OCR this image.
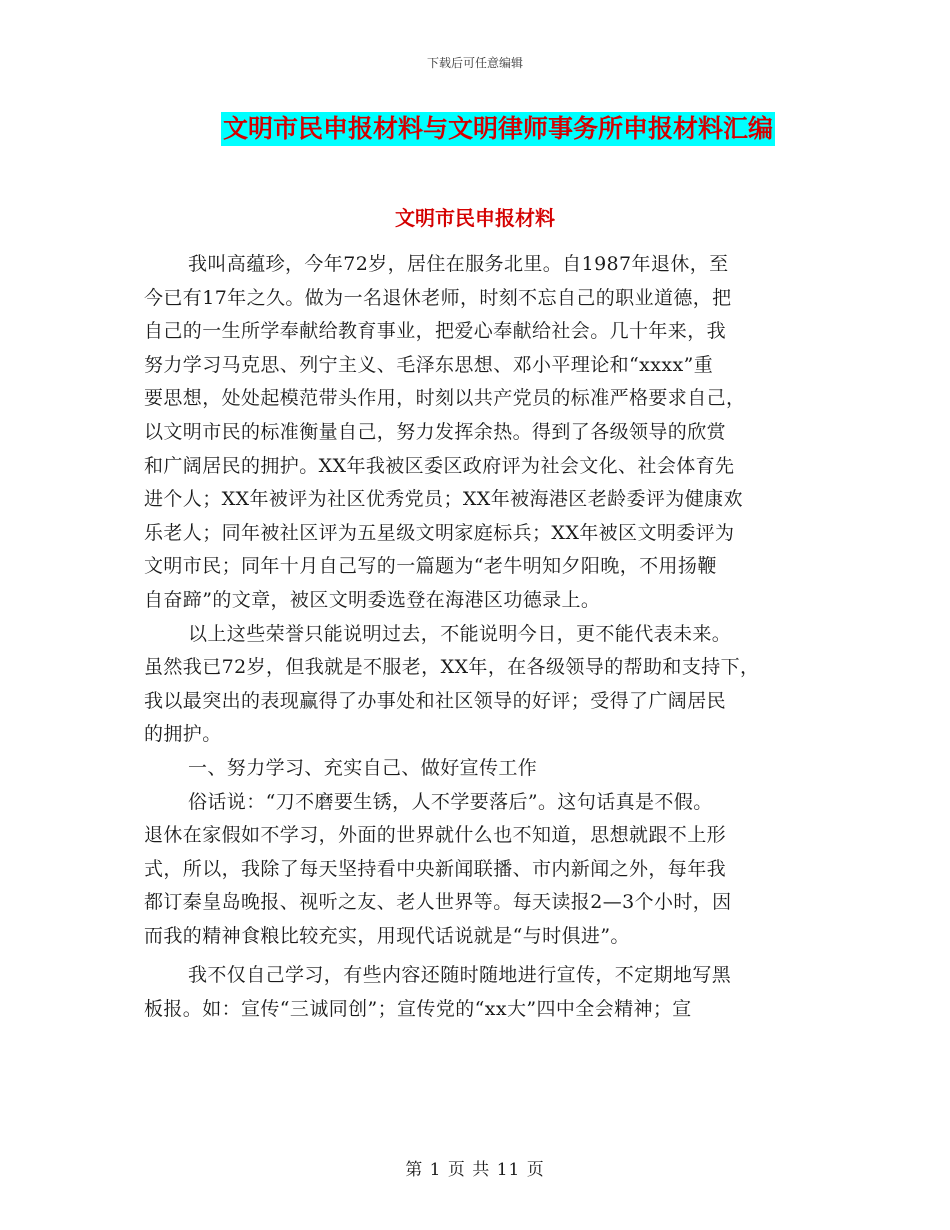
下载后可任意编辑
文明市民申报材料与文明律师事务所申报材料汇编
文明市民申报材料
我叫高蕴珍，今年72岁，居住在服务北里。自1987年退休，至
今已有17年之久。做为一名退休老师，时刻不忘自己的职业道德，把
自己的一生所学奉献给教育事业，把爱心奉献给社会。几十年来，我
努力学习马克思、列宁主义、毛泽东思想、邓小平理论和“xxxx”重
要思想，处处起模范带头作用，时刻以共产党员的标准严格要求自己，
以文明市民的标准衡量自己，努力发挥余热。得到了各级领导的欣赏
和广阔居民的拥护。XX年我被区委区政府评为社会文化、社会体育先
进个人；XX年被评为社区优秀党员；XX年被海港区老龄委评为健康欢
乐老人；同年被社区评为五星级文明家庭标兵；XX年被区文明委评为
文明市民；同年十月自己写的一篇题为“老牛明知夕阳晚，不用扬鞭
自奋蹄”的文章，被区文明委选登在海港区功德录上。
以上这些荣誉只能说明过去，不能说明今日，更不能代表未来。
虽然我已72岁，但我就是不服老，XX年，在各级领导的帮助和支持下，
我以最突出的表现赢得了办事处和社区领导的好评；受得了广阔居民
的拥护。
一、努力学习、充实自己、做好宣传工作
俗话说：“刀不磨要生锈，人不学要落后”。这句话真是不假。
退休在家假如不学习，外面的世界就什么也不知道，思想就跟不上形
式，所以，我除了每天坚持看中央新闻联播、市内新闻之外，每年我
都订秦皇岛晚报、视听之友、老人世界等。每天读报2—3个小时，因
而我的精神食粮比较充实，用现代话说就是“与时俱进”。
我不仅自己学习，有些内容还随时随地进行宣传，不定期地写黑
板报。如：宣传“三诚同创”；宣传党的“xx大”四中全会精神；宣
第 1 页 共 11 页
